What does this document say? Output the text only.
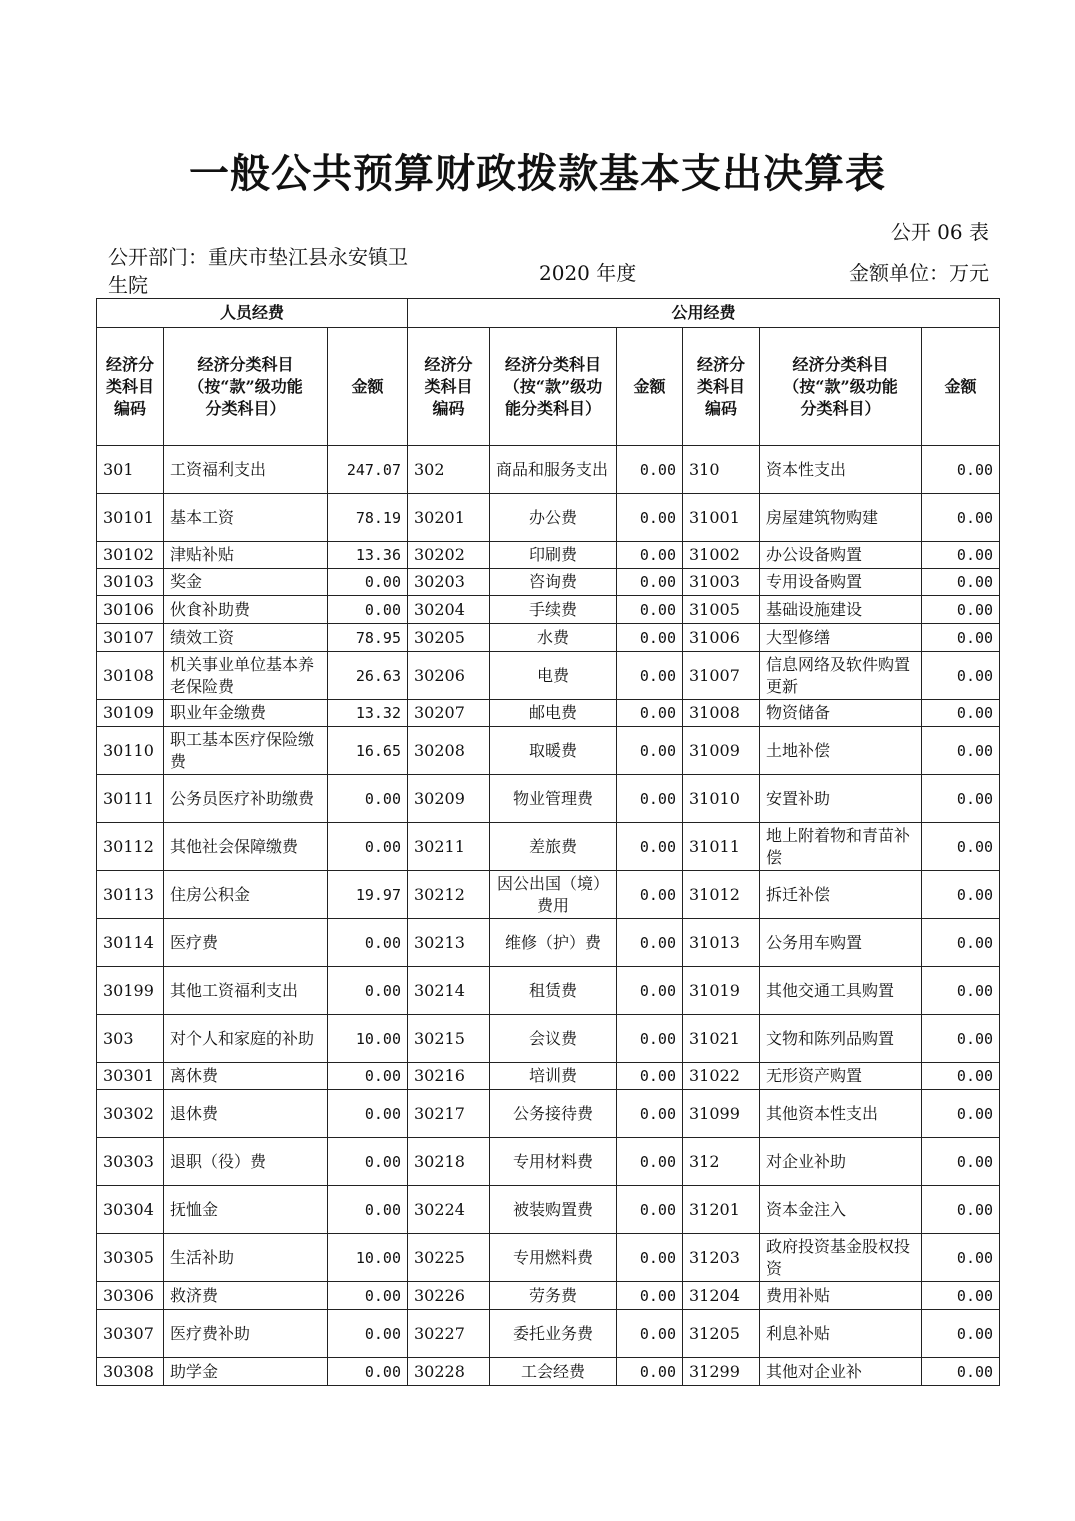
一般公共预算财政拨款基本支出决算表
公开 06 表
公开部门：重庆市垫江县永安镇卫生院	2020 年度	金额单位：万元
人员经费			公用经费					
经济分类科目编码	经济分类科目（按“款”级功能分类科目）	金额	经济分类科目编码	经济分类科目（按“款”级功能分类科目）	金额	经济分类科目编码	经济分类科目（按“款”级功能分类科目）	金额
301	工资福利支出	247.07	302	商品和服务支出	0.00	310	资本性支出	0.00
30101	基本工资	78.19	30201	办公费	0.00	31001	房屋建筑物购建	0.00
30102	津贴补贴	13.36	30202	印刷费	0.00	31002	办公设备购置	0.00
30103	奖金	0.00	30203	咨询费	0.00	31003	专用设备购置	0.00
30106	伙食补助费	0.00	30204	手续费	0.00	31005	基础设施建设	0.00
30107	绩效工资	78.95	30205	水费	0.00	31006	大型修缮	0.00
30108	机关事业单位基本养老保险费	26.63	30206	电费	0.00	31007	信息网络及软件购置更新	0.00
30109	职业年金缴费	13.32	30207	邮电费	0.00	31008	物资储备	0.00
30110	职工基本医疗保险缴费	16.65	30208	取暖费	0.00	31009	土地补偿	0.00
30111	公务员医疗补助缴费	0.00	30209	物业管理费	0.00	31010	安置补助	0.00
30112	其他社会保障缴费	0.00	30211	差旅费	0.00	31011	地上附着物和青苗补偿	0.00
30113	住房公积金	19.97	30212	因公出国（境）费用	0.00	31012	拆迁补偿	0.00
30114	医疗费	0.00	30213	维修（护）费	0.00	31013	公务用车购置	0.00
30199	其他工资福利支出	0.00	30214	租赁费	0.00	31019	其他交通工具购置	0.00
303	对个人和家庭的补助	10.00	30215	会议费	0.00	31021	文物和陈列品购置	0.00
30301	离休费	0.00	30216	培训费	0.00	31022	无形资产购置	0.00
30302	退休费	0.00	30217	公务接待费	0.00	31099	其他资本性支出	0.00
30303	退职（役）费	0.00	30218	专用材料费	0.00	312	对企业补助	0.00
30304	抚恤金	0.00	30224	被装购置费	0.00	31201	资本金注入	0.00
30305	生活补助	10.00	30225	专用燃料费	0.00	31203	政府投资基金股权投资	0.00
30306	救济费	0.00	30226	劳务费	0.00	31204	费用补贴	0.00
30307	医疗费补助	0.00	30227	委托业务费	0.00	31205	利息补贴	0.00
30308	助学金	0.00	30228	工会经费	0.00	31299	其他对企业补	0.00
